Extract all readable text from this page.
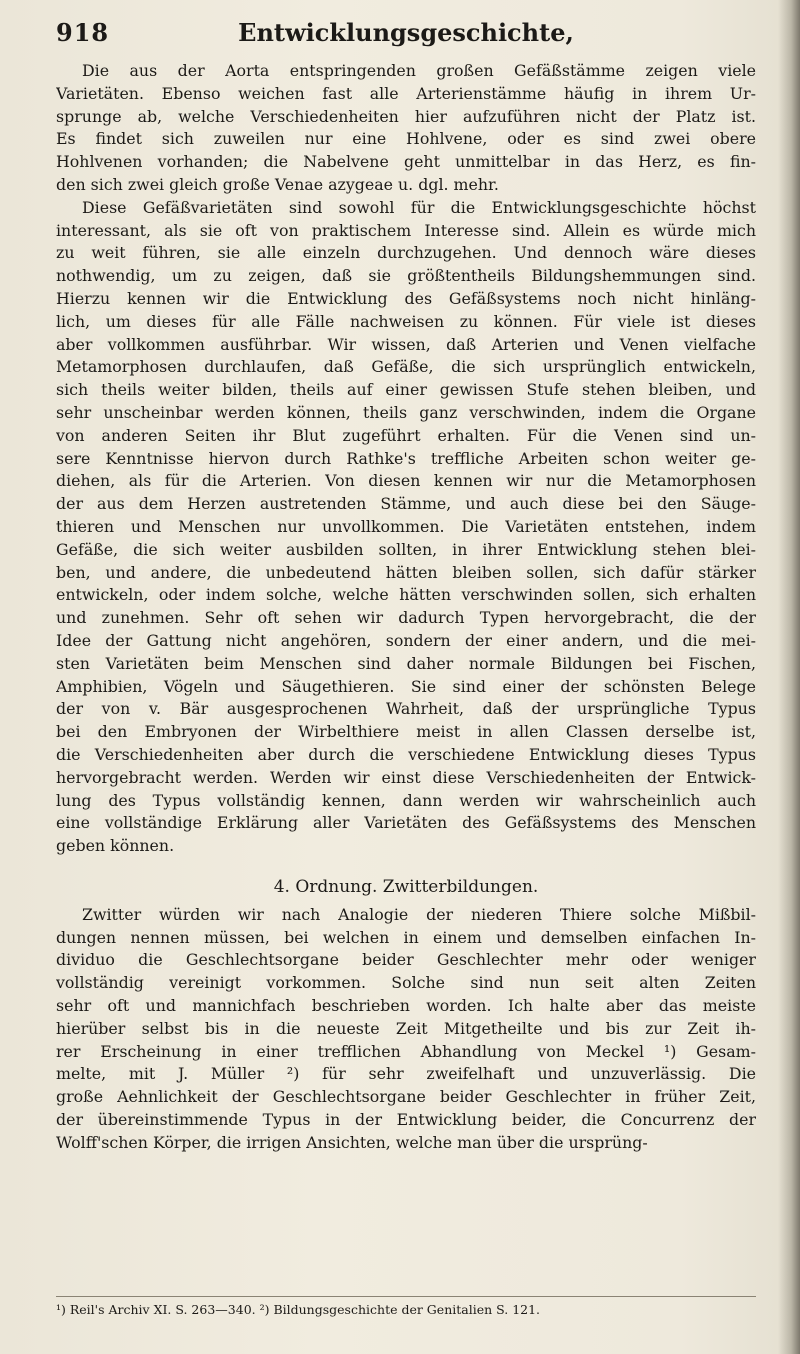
918	Entwicklungsgeschichte,
Die aus der Aorta entspringenden großen Gefäßstämme zeigen viele
Varietäten. Ebenso weichen fast alle Arterienstämme häufig in ihrem Ur-
sprunge ab, welche Verschiedenheiten hier aufzuführen nicht der Platz ist.
Es findet sich zuweilen nur eine Hohlvene, oder es sind zwei obere
Hohlvenen vorhanden; die Nabelvene geht unmittelbar in das Herz, es fin-
den sich zwei gleich große Venae azygeae u. dgl. mehr.
Diese Gefäßvarietäten sind sowohl für die Entwicklungsgeschichte höchst
interessant, als sie oft von praktischem Interesse sind. Allein es würde mich
zu weit führen, sie alle einzeln durchzugehen. Und dennoch wäre dieses
nothwendig, um zu zeigen, daß sie größtentheils Bildungshemmungen sind.
Hierzu kennen wir die Entwicklung des Gefäßsystems noch nicht hinläng-
lich, um dieses für alle Fälle nachweisen zu können. Für viele ist dieses
aber vollkommen ausführbar. Wir wissen, daß Arterien und Venen vielfache
Metamorphosen durchlaufen, daß Gefäße, die sich ursprünglich entwickeln,
sich theils weiter bilden, theils auf einer gewissen Stufe stehen bleiben, und
sehr unscheinbar werden können, theils ganz verschwinden, indem die Organe
von anderen Seiten ihr Blut zugeführt erhalten. Für die Venen sind un-
sere Kenntnisse hiervon durch Rathke's treffliche Arbeiten schon weiter ge-
diehen, als für die Arterien. Von diesen kennen wir nur die Metamorphosen
der aus dem Herzen austretenden Stämme, und auch diese bei den Säuge-
thieren und Menschen nur unvollkommen. Die Varietäten entstehen, indem
Gefäße, die sich weiter ausbilden sollten, in ihrer Entwicklung stehen blei-
ben, und andere, die unbedeutend hätten bleiben sollen, sich dafür stärker
entwickeln, oder indem solche, welche hätten verschwinden sollen, sich erhalten
und zunehmen. Sehr oft sehen wir dadurch Typen hervorgebracht, die der
Idee der Gattung nicht angehören, sondern der einer andern, und die mei-
sten Varietäten beim Menschen sind daher normale Bildungen bei Fischen,
Amphibien, Vögeln und Säugethieren. Sie sind einer der schönsten Belege
der von v. Bär ausgesprochenen Wahrheit, daß der ursprüngliche Typus
bei den Embryonen der Wirbelthiere meist in allen Classen derselbe ist,
die Verschiedenheiten aber durch die verschiedene Entwicklung dieses Typus
hervorgebracht werden. Werden wir einst diese Verschiedenheiten der Entwick-
lung des Typus vollständig kennen, dann werden wir wahrscheinlich auch
eine vollständige Erklärung aller Varietäten des Gefäßsystems des Menschen
geben können.
4. Ordnung. Zwitterbildungen.
Zwitter würden wir nach Analogie der niederen Thiere solche Mißbil-
dungen nennen müssen, bei welchen in einem und demselben einfachen In-
dividuo die Geschlechtsorgane beider Geschlechter mehr oder weniger
vollständig vereinigt vorkommen. Solche sind nun seit alten Zeiten
sehr oft und mannichfach beschrieben worden. Ich halte aber das meiste
hierüber selbst bis in die neueste Zeit Mitgetheilte und bis zur Zeit ih-
rer Erscheinung in einer trefflichen Abhandlung von Meckel ¹) Gesam-
melte, mit J. Müller ²) für sehr zweifelhaft und unzuverlässig. Die
große Aehnlichkeit der Geschlechtsorgane beider Geschlechter in früher Zeit,
der übereinstimmende Typus in der Entwicklung beider, die Concurrenz der
Wolff'schen Körper, die irrigen Ansichten, welche man über die ursprüng-
¹) Reil's Archiv XI. S. 263—340. ²) Bildungsgeschichte der Genitalien S. 121.
